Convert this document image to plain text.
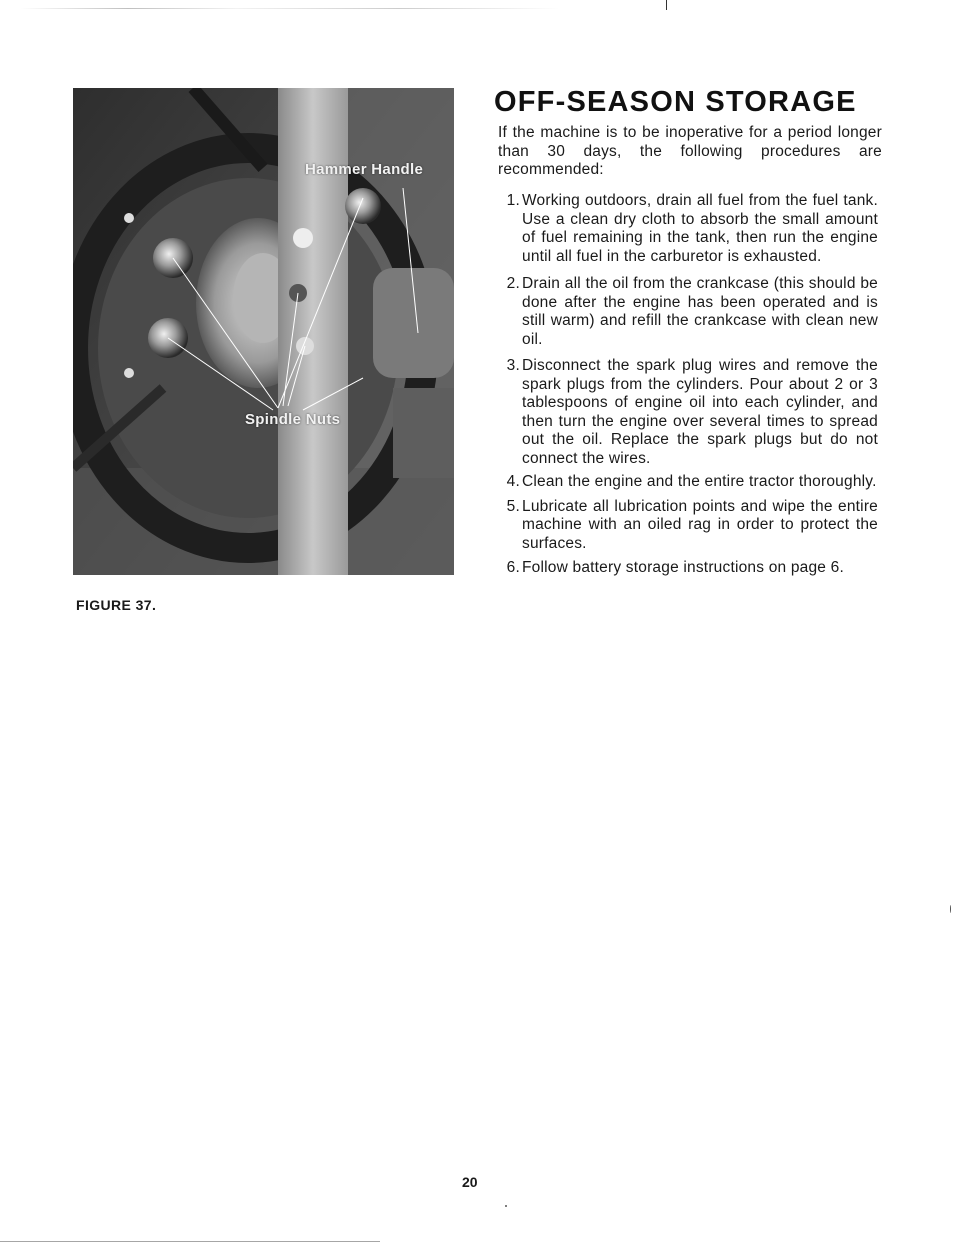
Hammer Handle
Spindle Nuts
FIGURE 37.
OFF-SEASON STORAGE

If the machine is to be inoperative for a period longer than 30 days, the following procedures are recommended:

1. Working outdoors, drain all fuel from the fuel tank. Use a clean dry cloth to absorb the small amount of fuel remaining in the tank, then run the engine until all fuel in the carburetor is exhausted.
2. Drain all the oil from the crankcase (this should be done after the engine has been operated and is still warm) and refill the crankcase with clean new oil.
3. Disconnect the spark plug wires and remove the spark plugs from the cylinders. Pour about 2 or 3 tablespoons of engine oil into each cylinder, and then turn the engine over several times to spread out the oil. Replace the spark plugs but do not connect the wires.
4. Clean the engine and the entire tractor thoroughly.
5. Lubricate all lubrication points and wipe the entire machine with an oiled rag in order to protect the surfaces.
6. Follow battery storage instructions on page 6.
20
